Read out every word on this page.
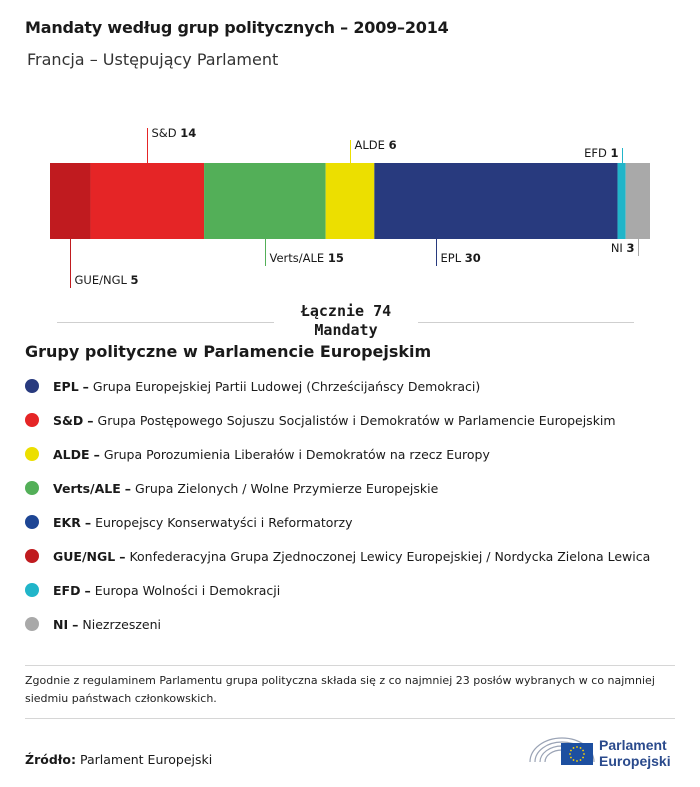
Mandaty według grup politycznych – 2009–2014
Francja – Ustępujący Parlament
GUE/NGL 5
S&D 14
Verts/ALE 15
ALDE 6
EPL 30
EFD 1
NI 3
Łącznie 74
Mandaty
Grupy polityczne w Parlamencie Europejskim
EPL – Grupa Europejskiej Partii Ludowej (Chrześcijańscy Demokraci)
S&D – Grupa Postępowego Sojuszu Socjalistów i Demokratów w Parlamencie Europejskim
ALDE – Grupa Porozumienia Liberałów i Demokratów na rzecz Europy
Verts/ALE – Grupa Zielonych / Wolne Przymierze Europejskie
EKR – Europejscy Konserwatyści i Reformatorzy
GUE/NGL – Konfederacyjna Grupa Zjednoczonej Lewicy Europejskiej / Nordycka Zielona Lewica
EFD – Europa Wolności i Demokracji
NI – Niezrzeszeni
Zgodnie z regulaminem Parlamentu grupa polityczna składa się z co najmniej 23 posłów wybranych w co najmniej siedmiu państwach członkowskich.
Źródło: Parlament Europejski
Parlament
Europejski
